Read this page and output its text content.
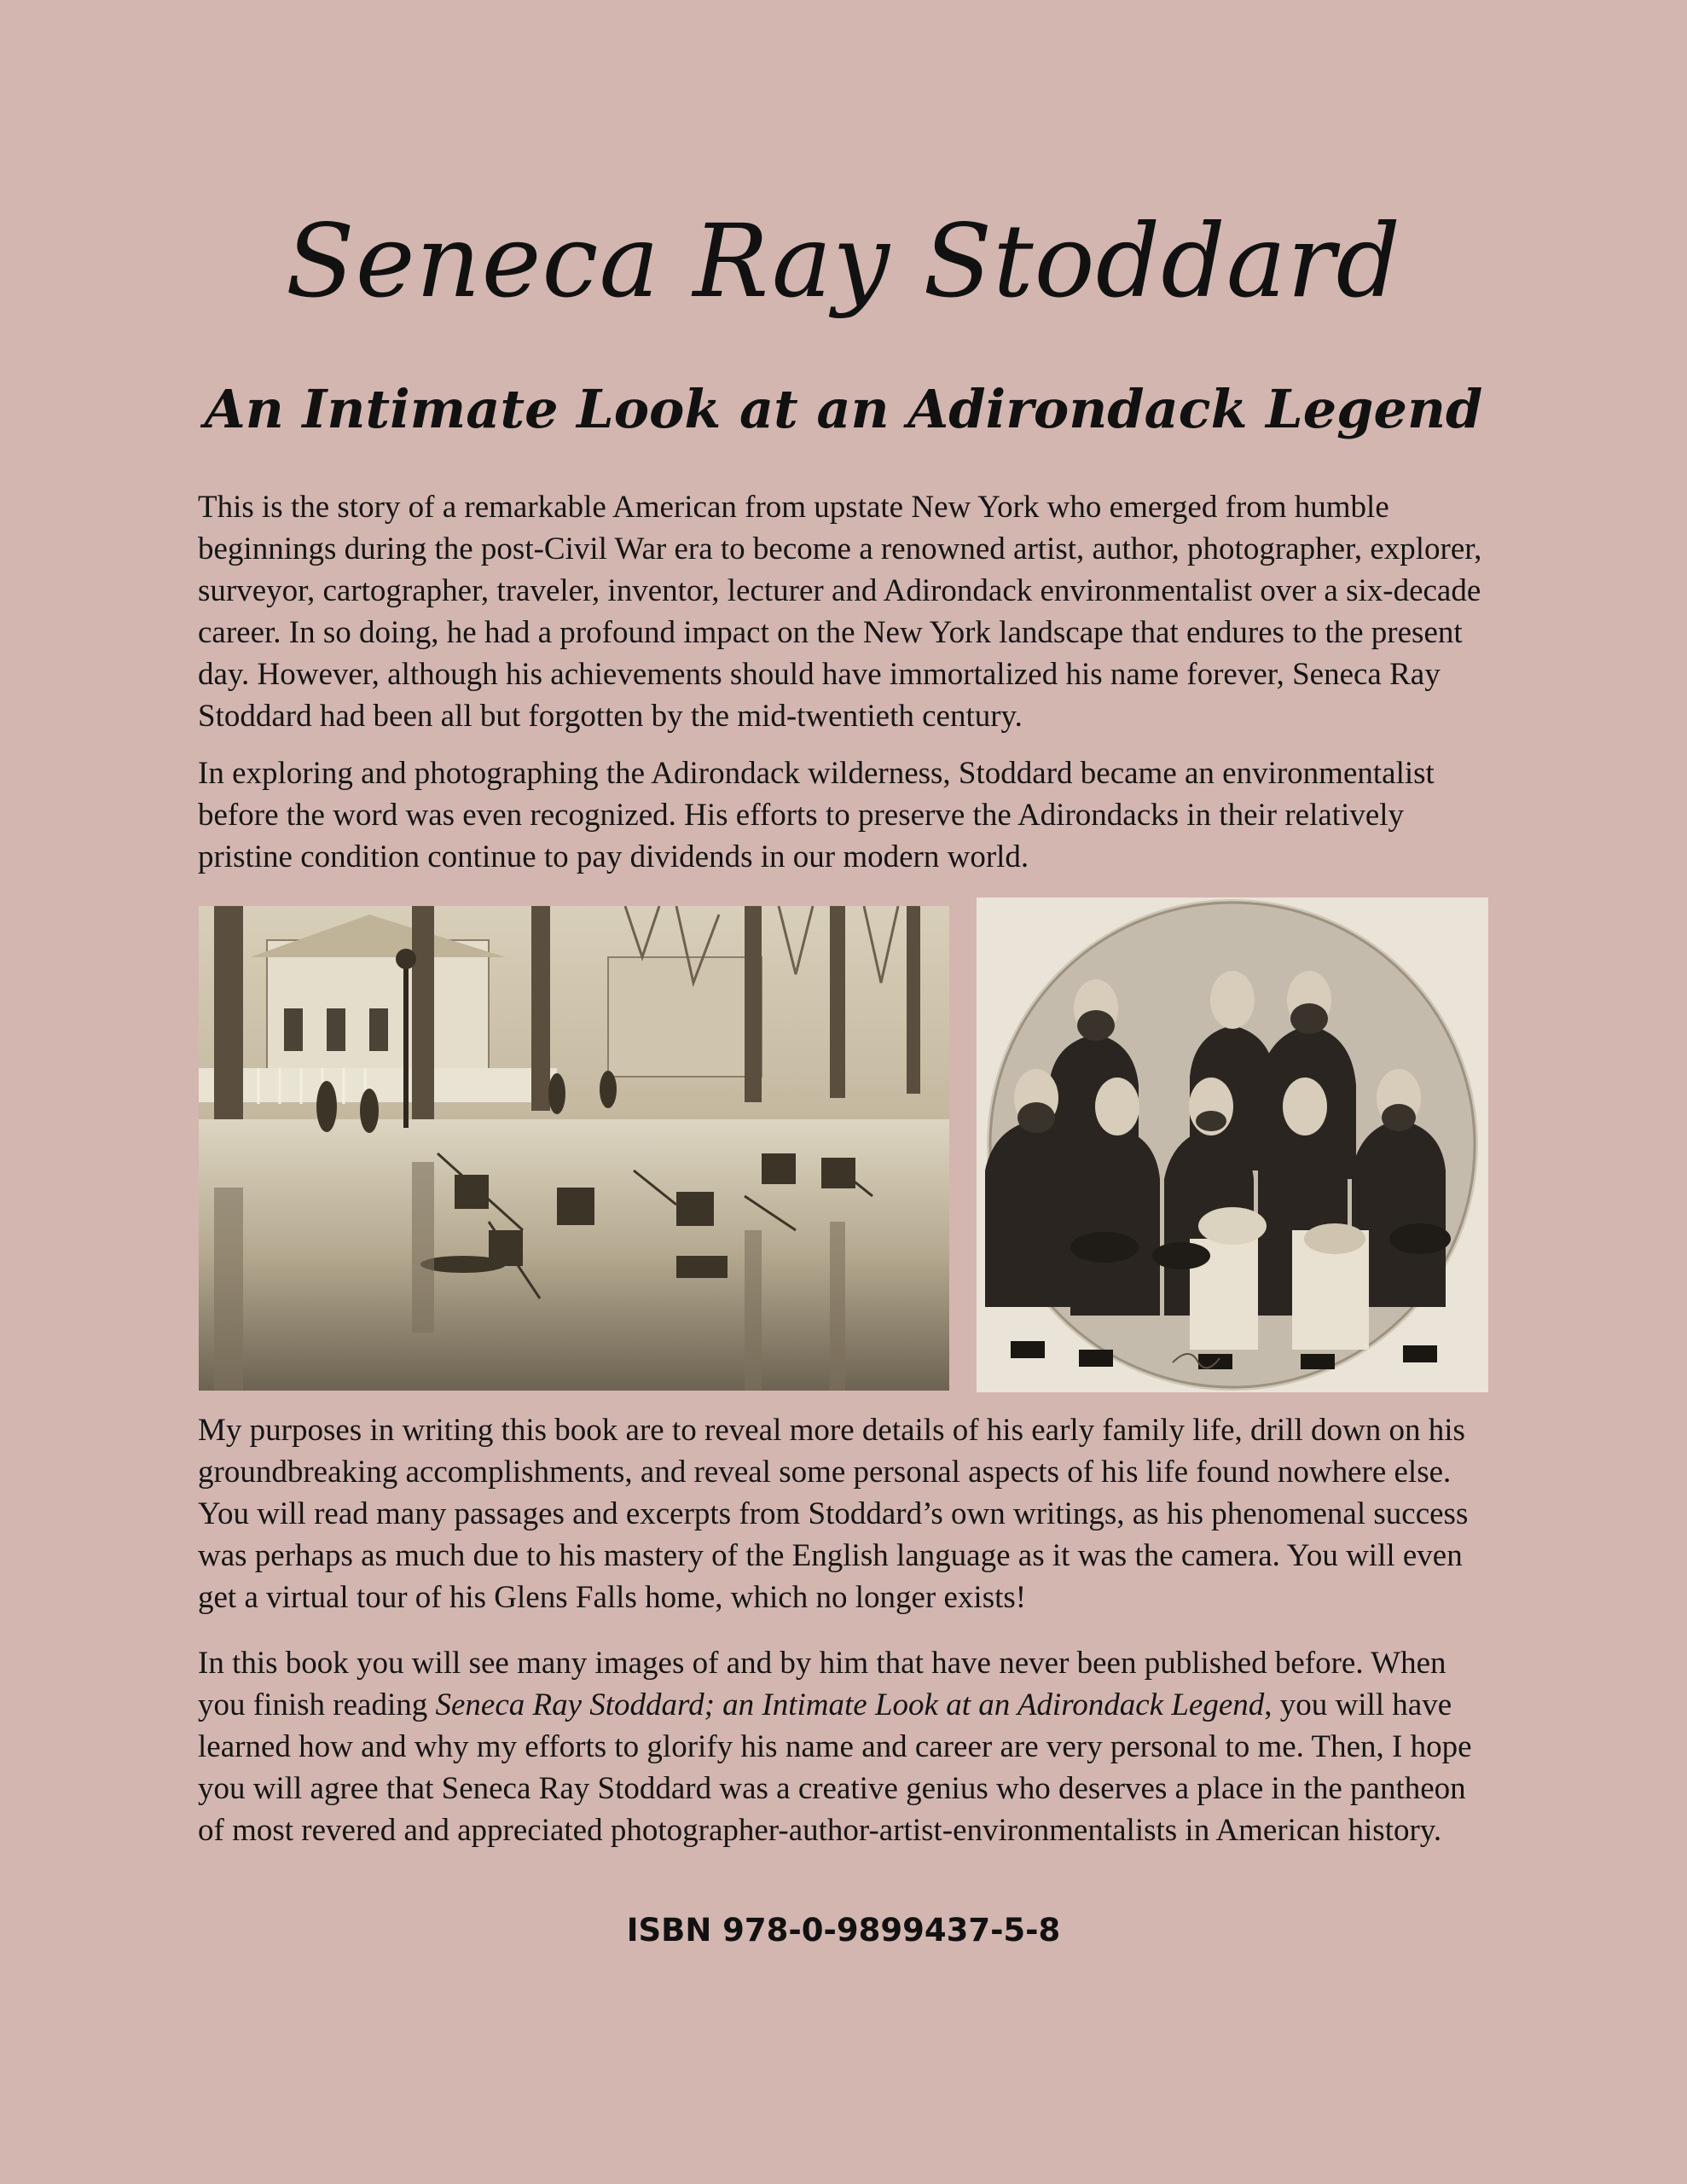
Seneca Ray Stoddard
An Intimate Look at an Adirondack Legend

This is the story of a remarkable American from upstate New York who emerged from humble beginnings during the post-Civil War era to become a renowned artist, author, photographer, explorer, surveyor, cartographer, traveler, inventor, lecturer and Adirondack environmentalist over a six-decade career. In so doing, he had a profound impact on the New York landscape that endures to the present day. However, although his achievements should have immortalized his name forever, Seneca Ray Stoddard had been all but forgotten by the mid-twentieth century.

In exploring and photographing the Adirondack wilderness, Stoddard became an environmentalist before the word was even recognized. His efforts to preserve the Adirondacks in their relatively pristine condition continue to pay dividends in our modern world.

My purposes in writing this book are to reveal more details of his early family life, drill down on his groundbreaking accomplishments, and reveal some personal aspects of his life found nowhere else. You will read many passages and excerpts from Stoddard’s own writings, as his phenomenal success was perhaps as much due to his mastery of the English language as it was the camera. You will even get a virtual tour of his Glens Falls home, which no longer exists!

In this book you will see many images of and by him that have never been published before. When you finish reading Seneca Ray Stoddard; an Intimate Look at an Adirondack Legend, you will have learned how and why my efforts to glorify his name and career are very personal to me. Then, I hope you will agree that Seneca Ray Stoddard was a creative genius who deserves a place in the pantheon of most revered and appreciated photographer-author-artist-environmentalists in American history.

ISBN 978-0-9899437-5-8
